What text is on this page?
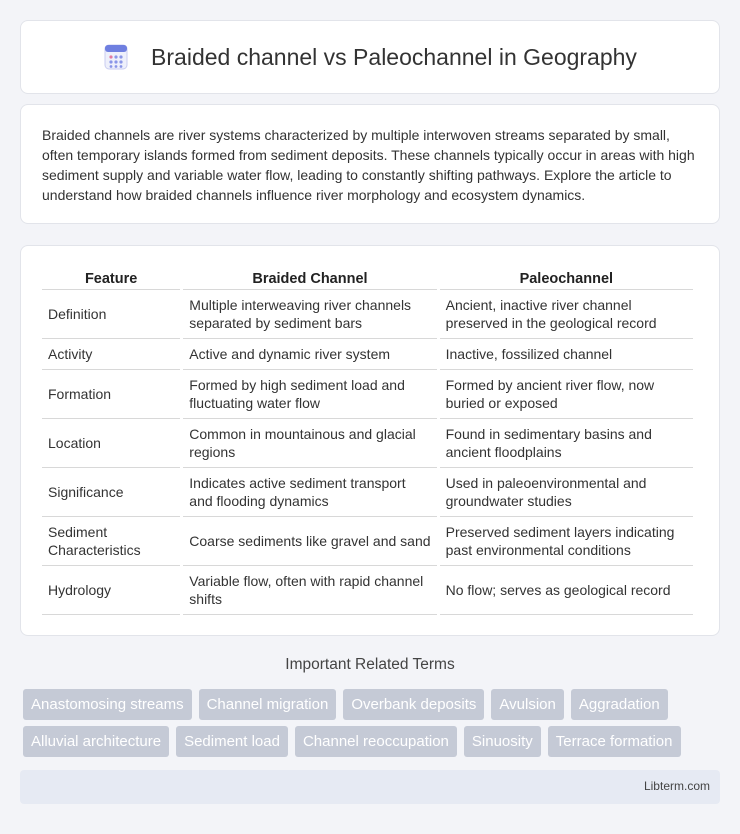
Braided channel vs Paleochannel in Geography

Braided channels are river systems characterized by multiple interwoven streams separated by small, often temporary islands formed from sediment deposits. These channels typically occur in areas with high sediment supply and variable water flow, leading to constantly shifting pathways. Explore the article to understand how braided channels influence river morphology and ecosystem dynamics.

Feature	Braided Channel	Paleochannel
Definition	Multiple interweaving river channels separated by sediment bars	Ancient, inactive river channel preserved in the geological record
Activity	Active and dynamic river system	Inactive, fossilized channel
Formation	Formed by high sediment load and fluctuating water flow	Formed by ancient river flow, now buried or exposed
Location	Common in mountainous and glacial regions	Found in sedimentary basins and ancient floodplains
Significance	Indicates active sediment transport and flooding dynamics	Used in paleoenvironmental and groundwater studies
Sediment Characteristics	Coarse sediments like gravel and sand	Preserved sediment layers indicating past environmental conditions
Hydrology	Variable flow, often with rapid channel shifts	No flow; serves as geological record
Important Related Terms
Anastomosing streams	Channel migration	Overbank deposits	Avulsion	Aggradation
Alluvial architecture	Sediment load	Channel reoccupation	Sinuosity	Terrace formation
Libterm.com
